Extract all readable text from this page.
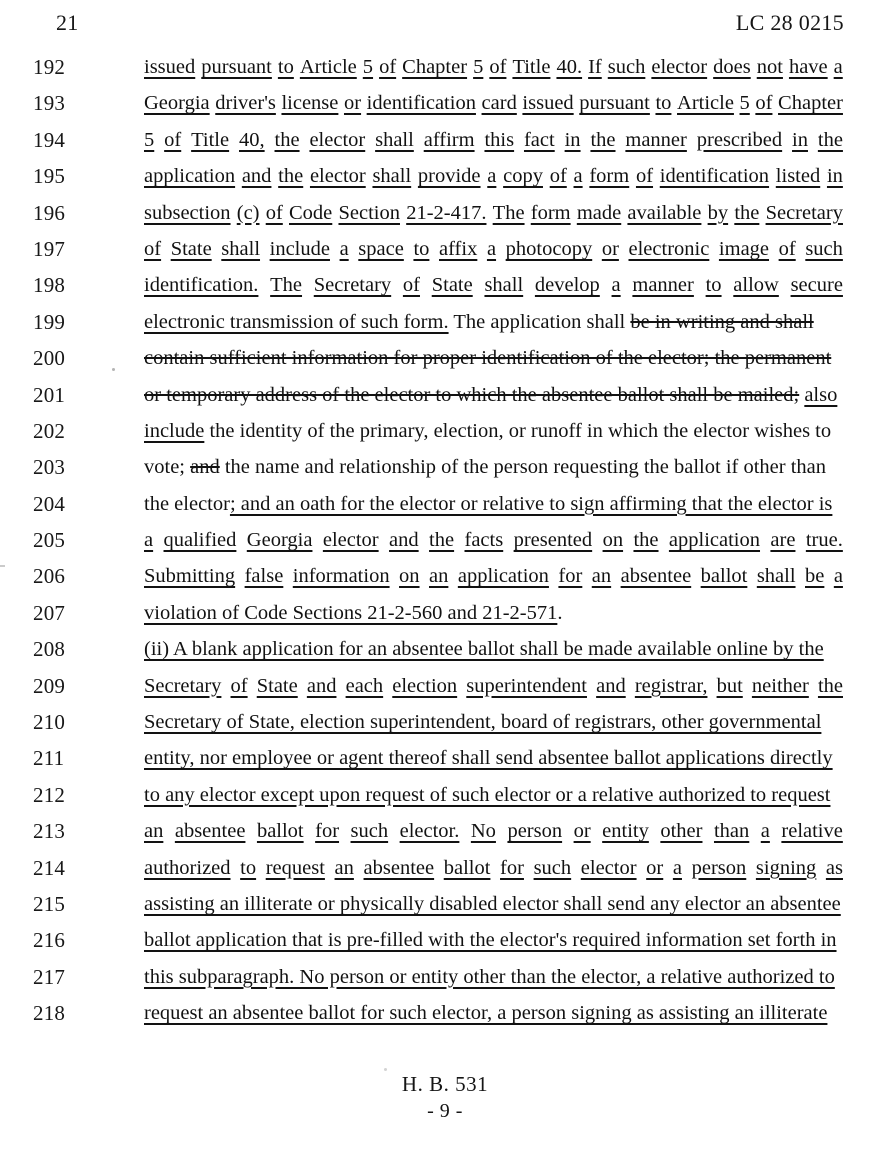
21	LC 28 0215
192	issued pursuant to Article 5 of Chapter 5 of Title 40. If such elector does not have a
193	Georgia driver's license or identification card issued pursuant to Article 5 of Chapter
194	5 of Title 40, the elector shall affirm this fact in the manner prescribed in the
195	application and the elector shall provide a copy of a form of identification listed in
196	subsection (c) of Code Section 21-2-417. The form made available by the Secretary
197	of State shall include a space to affix a photocopy or electronic image of such
198	identification. The Secretary of State shall develop a manner to allow secure
199	electronic transmission of such form. The application shall be in writing and shall
200	contain sufficient information for proper identification of the elector; the permanent
201	or temporary address of the elector to which the absentee ballot shall be mailed; also
202	include the identity of the primary, election, or runoff in which the elector wishes to
203	vote; and the name and relationship of the person requesting the ballot if other than
204	the elector; and an oath for the elector or relative to sign affirming that the elector is
205	a qualified Georgia elector and the facts presented on the application are true.
206	Submitting false information on an application for an absentee ballot shall be a
207	violation of Code Sections 21-2-560 and 21-2-571.
208	(ii) A blank application for an absentee ballot shall be made available online by the
209	Secretary of State and each election superintendent and registrar, but neither the
210	Secretary of State, election superintendent, board of registrars, other governmental
211	entity, nor employee or agent thereof shall send absentee ballot applications directly
212	to any elector except upon request of such elector or a relative authorized to request
213	an absentee ballot for such elector. No person or entity other than a relative
214	authorized to request an absentee ballot for such elector or a person signing as
215	assisting an illiterate or physically disabled elector shall send any elector an absentee
216	ballot application that is pre-filled with the elector's required information set forth in
217	this subparagraph. No person or entity other than the elector, a relative authorized to
218	request an absentee ballot for such elector, a person signing as assisting an illiterate
H. B. 531
- 9 -
